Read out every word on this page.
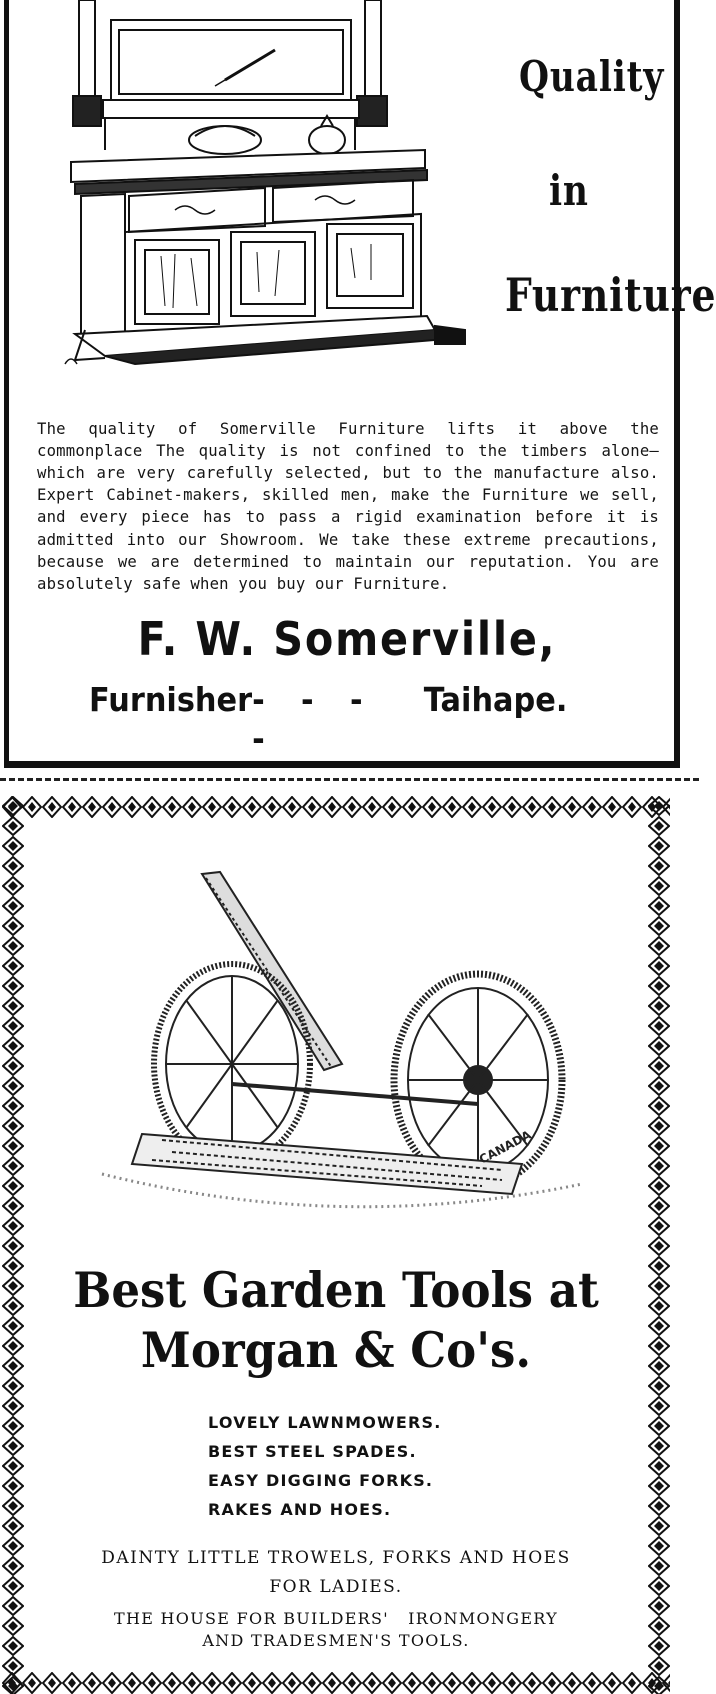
Quality
in
Furniture

The quality of Somerville Furniture lifts it above the commonplace The quality is not confined to the timbers alone—which are very carefully selected, but to the manufacture also. Expert Cabinet-makers, skilled men, make the Furniture we sell, and every piece has to pass a rigid examination before it is admitted into our Showroom. We take these extreme precautions, because we are determined to maintain our reputation. You are absolutely safe when you buy our Furniture.

F. W. Somerville,
Furnisher - - - -
Taihape.
CANADA
Best Garden Tools at
Morgan & Co's.
LOVELY LAWNMOWERS.
BEST STEEL SPADES.
EASY DIGGING FORKS.
RAKES AND HOES.
DAINTY LITTLE TROWELS, FORKS AND HOES
FOR LADIES.
THE HOUSE FOR BUILDERS'   IRONMONGERY
AND TRADESMEN'S TOOLS.
